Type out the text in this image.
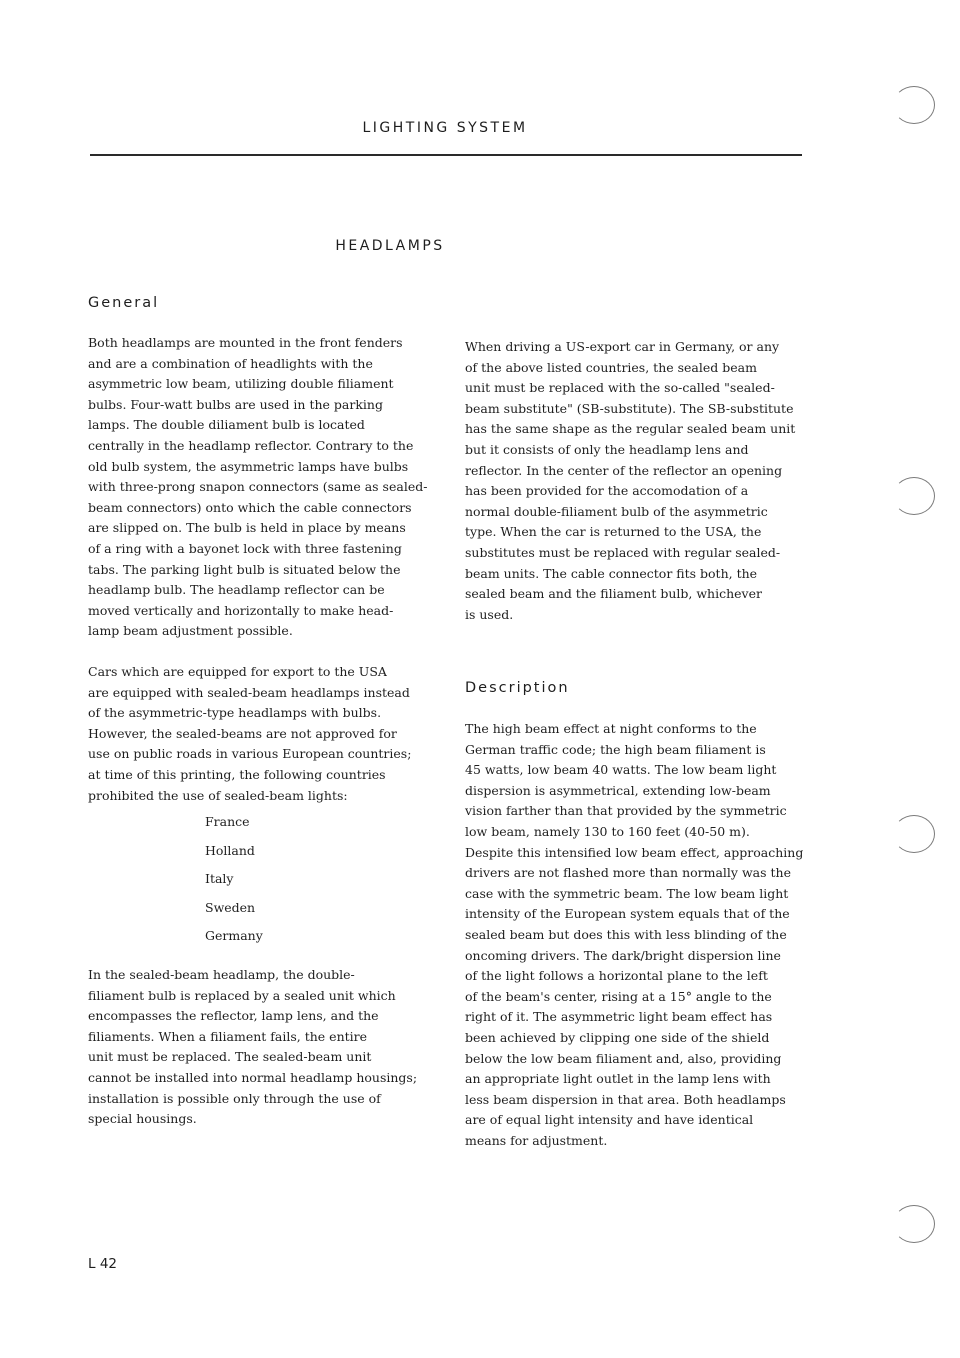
LIGHTING SYSTEM
HEADLAMPS
General
Both headlamps are mounted in the front fenders
and are a combination of headlights with the
asymmetric low beam, utilizing double filiament
bulbs. Four-watt bulbs are used in the parking
lamps. The double diliament bulb is located
centrally in the headlamp reflector. Contrary to the
old bulb system, the asymmetric lamps have bulbs
with three-prong snapon connectors (same as sealed-
beam connectors) onto which the cable connectors
are slipped on. The bulb is held in place by means
of a ring with a bayonet lock with three fastening
tabs. The parking light bulb is situated below the
headlamp bulb. The headlamp reflector can be
moved vertically and horizontally to make head-
lamp beam adjustment possible.
Cars which are equipped for export to the USA
are equipped with sealed-beam headlamps instead
of the asymmetric-type headlamps with bulbs.
However, the sealed-beams are not approved for
use on public roads in various European countries;
at time of this printing, the following countries
prohibited the use of sealed-beam lights:
France
Holland
Italy
Sweden
Germany
In the sealed-beam headlamp, the double-
filiament bulb is replaced by a sealed unit which
encompasses the reflector, lamp lens, and the
filiaments. When a filiament fails, the entire
unit must be replaced. The sealed-beam unit
cannot be installed into normal headlamp housings;
installation is possible only through the use of
special housings.
When driving a US-export car in Germany, or any
of the above listed countries, the sealed beam
unit must be replaced with the so-called "sealed-
beam substitute" (SB-substitute). The SB-substitute
has the same shape as the regular sealed beam unit
but it consists of only the headlamp lens and
reflector. In the center of the reflector an opening
has been provided for the accomodation of a
normal double-filiament bulb of the asymmetric
type. When the car is returned to the USA, the
substitutes must be replaced with regular sealed-
beam units. The cable connector fits both, the
sealed beam and the filiament bulb, whichever
is used.
Description
The high beam effect at night conforms to the
German traffic code; the high beam filiament is
45 watts, low beam 40 watts. The low beam light
dispersion is asymmetrical, extending low-beam
vision farther than that provided by the symmetric
low beam, namely 130 to 160 feet (40-50 m).
Despite this intensified low beam effect, approaching
drivers are not flashed more than normally was the
case with the symmetric beam. The low beam light
intensity of the European system equals that of the
sealed beam but does this with less blinding of the
oncoming drivers. The dark/bright dispersion line
of the light follows a horizontal plane to the left
of the beam's center, rising at a 15° angle to the
right of it. The asymmetric light beam effect has
been achieved by clipping one side of the shield
below the low beam filiament and, also, providing
an appropriate light outlet in the lamp lens with
less beam dispersion in that area. Both headlamps
are of equal light intensity and have identical
means for adjustment.
L 42
